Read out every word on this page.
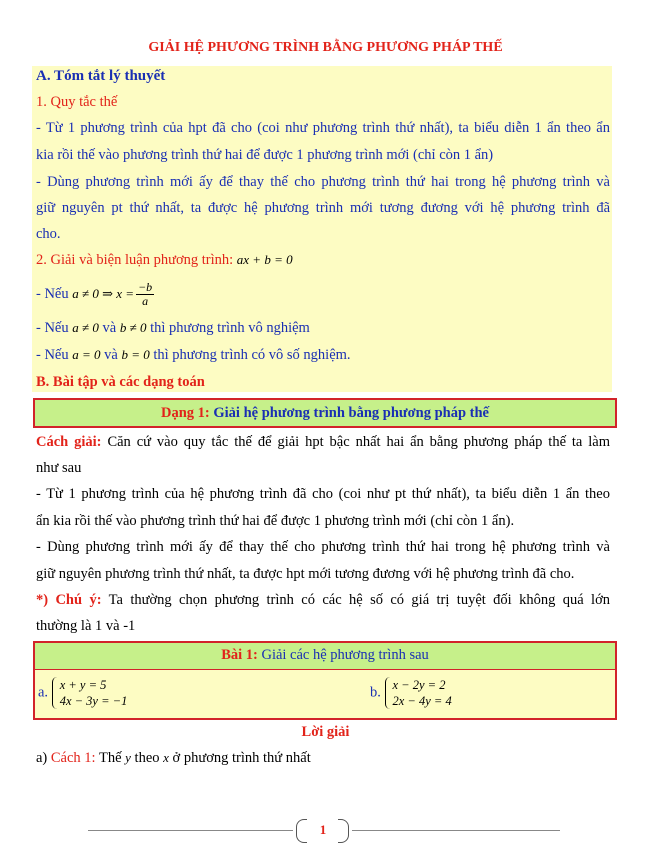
GIẢI HỆ PHƯƠNG TRÌNH BẰNG PHƯƠNG PHÁP THẾ
A. Tóm tắt lý thuyết
1. Quy tắc thế
- Từ 1 phương trình của hpt đã cho (coi như phương trình thứ nhất), ta biểu diễn 1 ẩn theo ẩn
kia rồi thế vào phương trình thứ hai để được 1 phương trình mới (chỉ còn 1 ẩn)
- Dùng phương trình mới ấy để thay thế cho phương trình thứ hai trong hệ phương trình và
giữ nguyên pt thứ nhất, ta được hệ phương trình mới tương đương với hệ phương trình đã
cho.
2. Giải và biện luận phương trình: ax + b = 0
- Nếu a ≠ 0 ⇒ $x = \frac{-b}{a}$
- Nếu a ≠ 0 và b ≠ 0 thì phương trình vô nghiệm
- Nếu a = 0 và b = 0 thì phương trình có vô số nghiệm.
B. Bài tập và các dạng toán
Dạng 1: Giải hệ phương trình bằng phương pháp thế
Cách giải: Căn cứ vào quy tắc thế để giải hpt bậc nhất hai ẩn bằng phương pháp thế ta làm
như sau
- Từ 1 phương trình của hệ phương trình đã cho (coi như pt thứ nhất), ta biểu diễn 1 ẩn theo
ẩn kia rồi thế vào phương trình thứ hai để được 1 phương trình mới (chỉ còn 1 ẩn).
- Dùng phương trình mới ấy để thay thế cho phương trình thứ hai trong hệ phương trình và
giữ nguyên phương trình thứ nhất, ta được hpt mới tương đương với hệ phương trình đã cho.
*) Chú ý: Ta thường chọn phương trình có các hệ số có giá trị tuyệt đối không quá lớn
thường là 1 và -1
Bài 1: Giải các hệ phương trình sau
a. x + y = 5
4x − 3y = −1
b. x − 2y = 2
2x − 4y = 4
Lời giải
a) Cách 1: Thế y theo x ở phương trình thứ nhất
1
